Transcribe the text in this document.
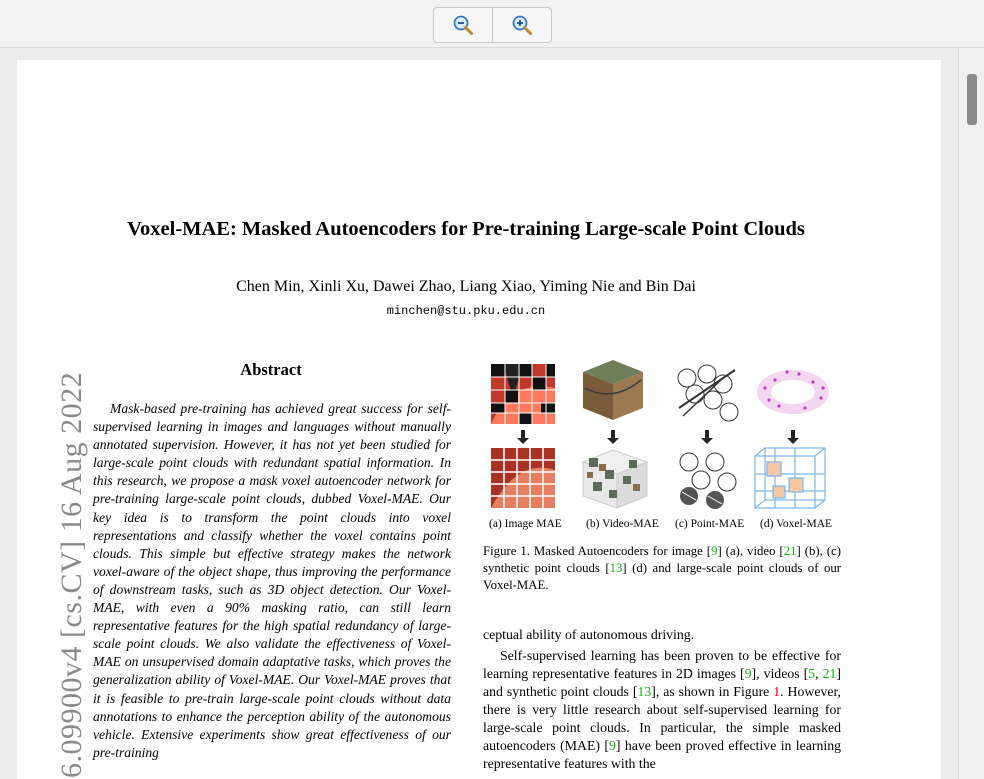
Voxel-MAE: Masked Autoencoders for Pre-training Large-scale Point Clouds
Chen Min, Xinli Xu, Dawei Zhao, Liang Xiao, Yiming Nie and Bin Dai
minchen@stu.pku.edu.cn
6.09900v4 [cs.CV] 16 Aug 2022
Abstract

Mask-based pre-training has achieved great success for self-supervised learning in images and languages without manually annotated supervision. However, it has not yet been studied for large-scale point clouds with redundant spatial information. In this research, we propose a mask voxel autoencoder network for pre-training large-scale point clouds, dubbed Voxel-MAE. Our key idea is to transform the point clouds into voxel representations and classify whether the voxel contains point clouds. This simple but effective strategy makes the network voxel-aware of the object shape, thus improving the performance of downstream tasks, such as 3D object detection. Our Voxel-MAE, with even a 90% masking ratio, can still learn representative features for the high spatial redundancy of large-scale point clouds. We also validate the effectiveness of Voxel-MAE on unsupervised domain adaptative tasks, which proves the generalization ability of Voxel-MAE. Our Voxel-MAE proves that it is feasible to pre-train large-scale point clouds without data annotations to enhance the perception ability of the autonomous vehicle. Extensive experiments show great effectiveness of our pre-training

(a) Image MAE (b) Video-MAE (c) Point-MAE (d) Voxel-MAE

Figure 1. Masked Autoencoders for image [9] (a), video [21] (b), (c) synthetic point clouds [13] (d) and large-scale point clouds of our Voxel-MAE.

ceptual ability of autonomous driving.

Self-supervised learning has been proven to be effective for learning representative features in 2D images [9], videos [5, 21] and synthetic point clouds [13], as shown in Figure 1. However, there is very little research about self-supervised learning for large-scale point clouds. In particular, the simple masked autoencoders (MAE) [9] have been proved effective in learning representative features with the
